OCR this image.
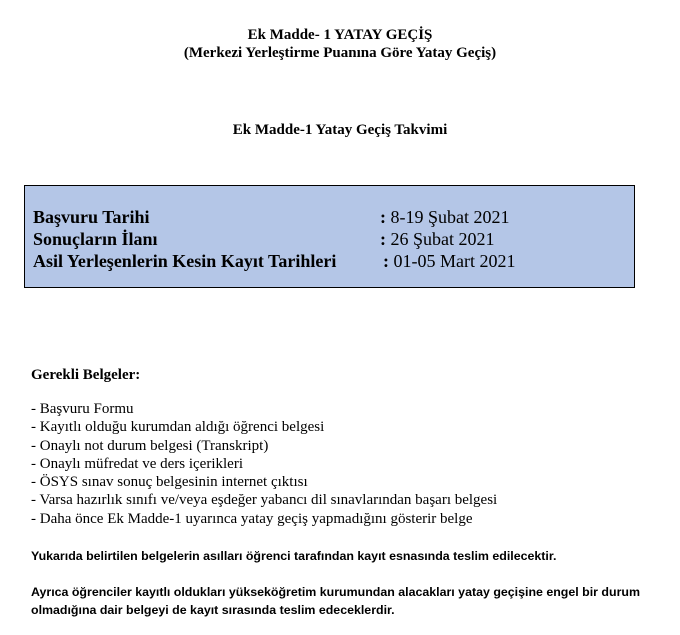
Ek Madde- 1 YATAY GEÇİŞ
(Merkezi Yerleştirme Puanına Göre Yatay Geçiş)
Ek Madde-1 Yatay Geçiş Takvimi
Başvuru Tarihi	: 8-19 Şubat 2021
Sonuçların İlanı	: 26 Şubat 2021
Asil Yerleşenlerin Kesin Kayıt Tarihleri	: 01-05 Mart 2021
Gerekli Belgeler:
- Başvuru Formu
- Kayıtlı olduğu kurumdan aldığı öğrenci belgesi
- Onaylı not durum belgesi (Transkript)
- Onaylı müfredat ve ders içerikleri
- ÖSYS sınav sonuç belgesinin internet çıktısı
- Varsa hazırlık sınıfı ve/veya eşdeğer yabancı dil sınavlarından başarı belgesi
- Daha önce Ek Madde-1 uyarınca yatay geçiş yapmadığını gösterir belge
Yukarıda belirtilen belgelerin asılları öğrenci tarafından kayıt esnasında teslim edilecektir.
Ayrıca öğrenciler kayıtlı oldukları yükseköğretim kurumundan alacakları yatay geçişine engel bir durum olmadığına dair belgeyi de kayıt sırasında teslim edeceklerdir.
